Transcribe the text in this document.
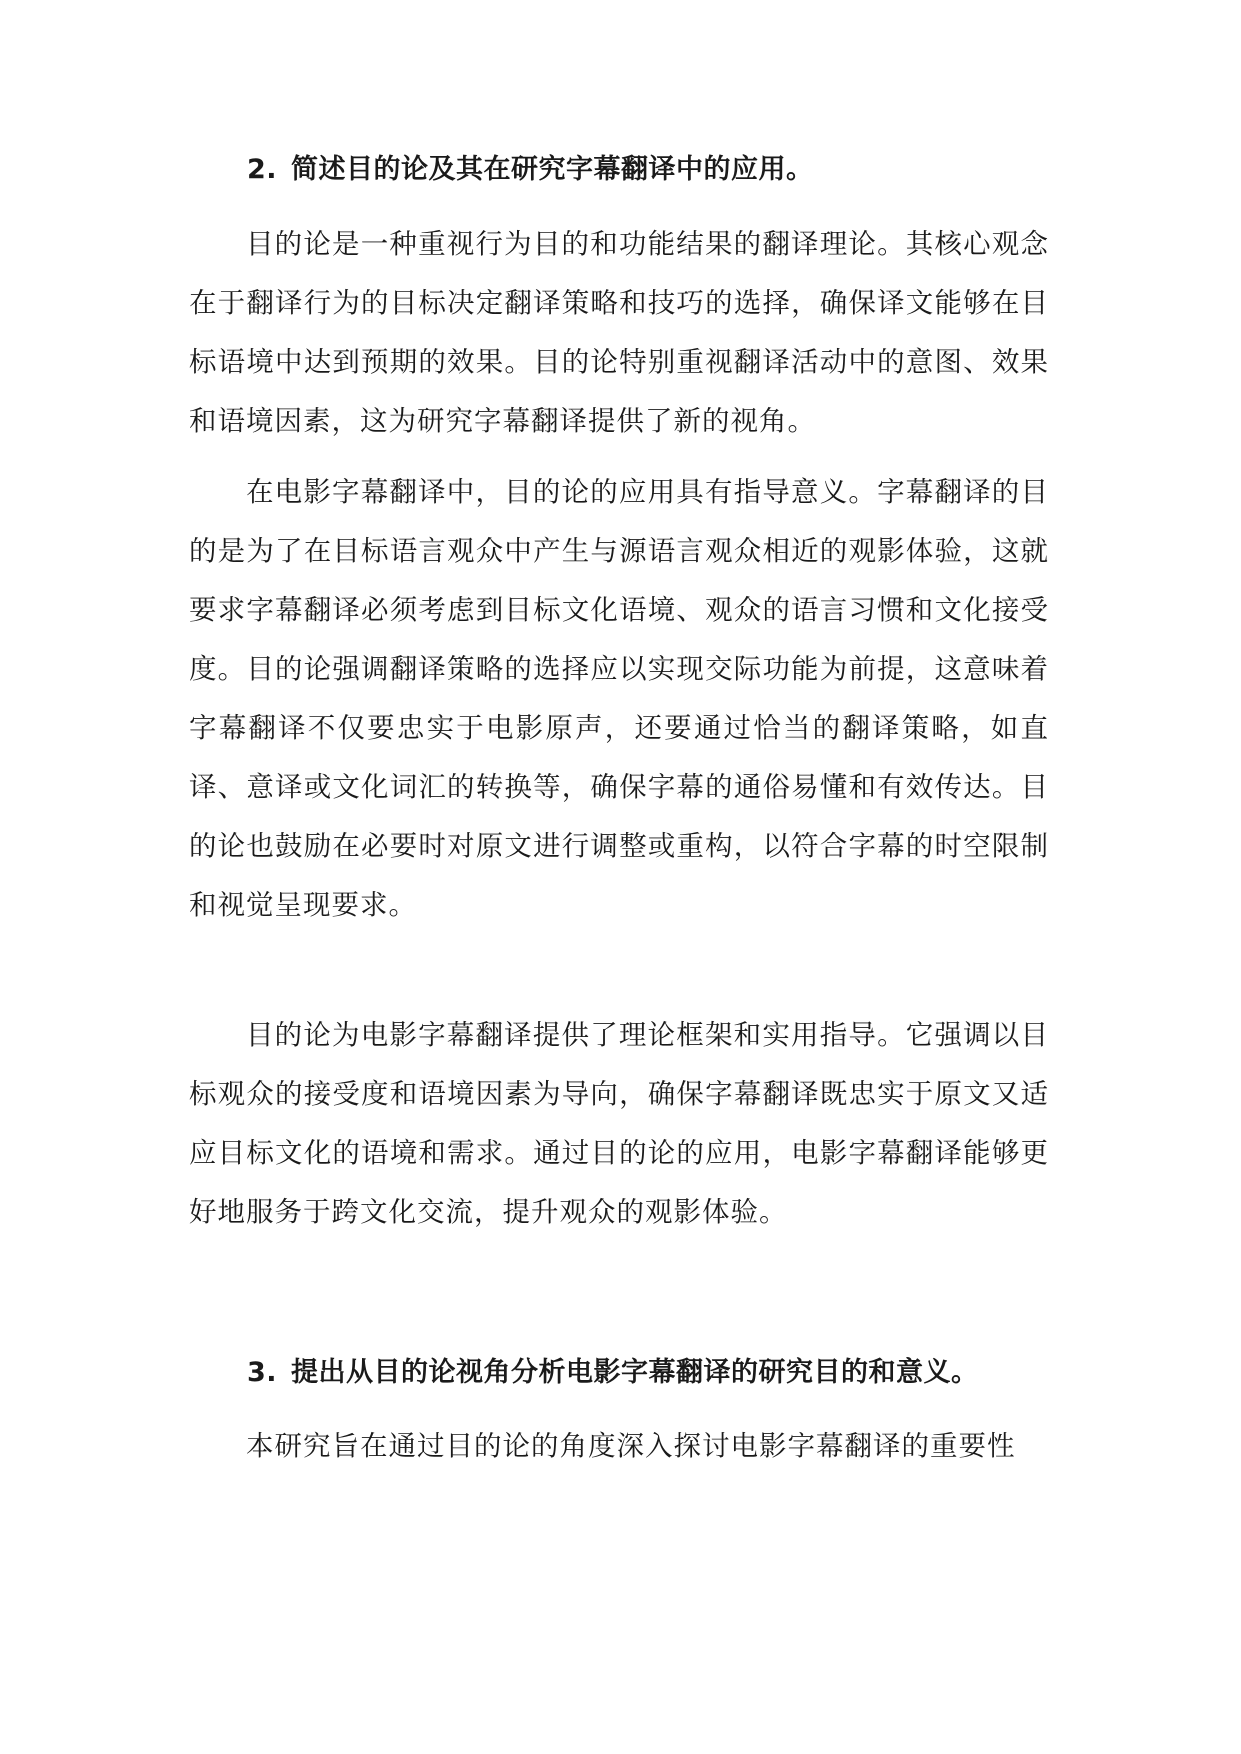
2. 简述目的论及其在研究字幕翻译中的应用。

目的论是一种重视行为目的和功能结果的翻译理论。其核心观念在于翻译行为的目标决定翻译策略和技巧的选择，确保译文能够在目标语境中达到预期的效果。目的论特别重视翻译活动中的意图、效果和语境因素，这为研究字幕翻译提供了新的视角。

在电影字幕翻译中，目的论的应用具有指导意义。字幕翻译的目的是为了在目标语言观众中产生与源语言观众相近的观影体验，这就要求字幕翻译必须考虑到目标文化语境、观众的语言习惯和文化接受度。目的论强调翻译策略的选择应以实现交际功能为前提，这意味着字幕翻译不仅要忠实于电影原声，还要通过恰当的翻译策略，如直译、意译或文化词汇的转换等，确保字幕的通俗易懂和有效传达。目的论也鼓励在必要时对原文进行调整或重构，以符合字幕的时空限制和视觉呈现要求。

目的论为电影字幕翻译提供了理论框架和实用指导。它强调以目标观众的接受度和语境因素为导向，确保字幕翻译既忠实于原文又适应目标文化的语境和需求。通过目的论的应用，电影字幕翻译能够更好地服务于跨文化交流，提升观众的观影体验。

3. 提出从目的论视角分析电影字幕翻译的研究目的和意义。

本研究旨在通过目的论的角度深入探讨电影字幕翻译的重要性
